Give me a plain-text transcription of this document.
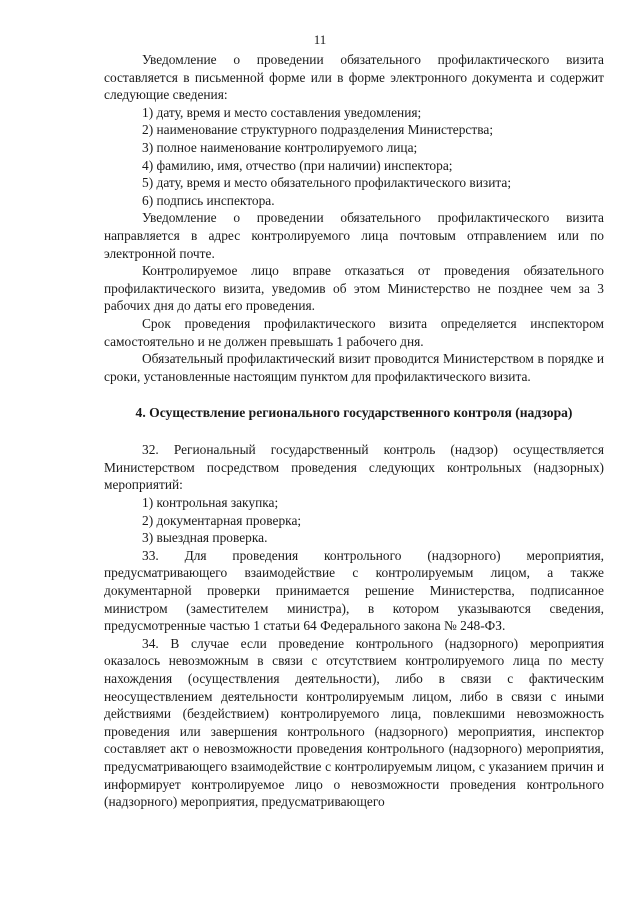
11

Уведомление о проведении обязательного профилактического визита составляется в письменной форме или в форме электронного документа и содержит следующие сведения:

1) дату, время и место составления уведомления;

2) наименование структурного подразделения Министерства;

3) полное наименование контролируемого лица;

4) фамилию, имя, отчество (при наличии) инспектора;

5) дату, время и место обязательного профилактического визита;

6) подпись инспектора.

Уведомление о проведении обязательного профилактического визита направляется в адрес контролируемого лица почтовым отправлением или по электронной почте.

Контролируемое лицо вправе отказаться от проведения обязательного профилактического визита, уведомив об этом Министерство не позднее чем за 3 рабочих дня до даты его проведения.

Срок проведения профилактического визита определяется инспектором самостоятельно и не должен превышать 1 рабочего дня.

Обязательный профилактический визит проводится Министерством в порядке и сроки, установленные настоящим пунктом для профилактического визита.

4. Осуществление регионального государственного контроля (надзора)

32. Региональный государственный контроль (надзор) осуществляется Министерством посредством проведения следующих контрольных (надзорных) мероприятий:

1) контрольная закупка;

2) документарная проверка;

3) выездная проверка.

33. Для проведения контрольного (надзорного) мероприятия, предусматривающего взаимодействие с контролируемым лицом, а также документарной проверки принимается решение Министерства, подписанное министром (заместителем министра), в котором указываются сведения, предусмотренные частью 1 статьи 64 Федерального закона № 248-ФЗ.

34. В случае если проведение контрольного (надзорного) мероприятия оказалось невозможным в связи с отсутствием контролируемого лица по месту нахождения (осуществления деятельности), либо в связи с фактическим неосуществлением деятельности контролируемым лицом, либо в связи с иными действиями (бездействием) контролируемого лица, повлекшими невозможность проведения или завершения контрольного (надзорного) мероприятия, инспектор составляет акт о невозможности проведения контрольного (надзорного) мероприятия, предусматривающего взаимодействие с контролируемым лицом, с указанием причин и информирует контролируемое лицо о невозможности проведения контрольного (надзорного) мероприятия, предусматривающего
